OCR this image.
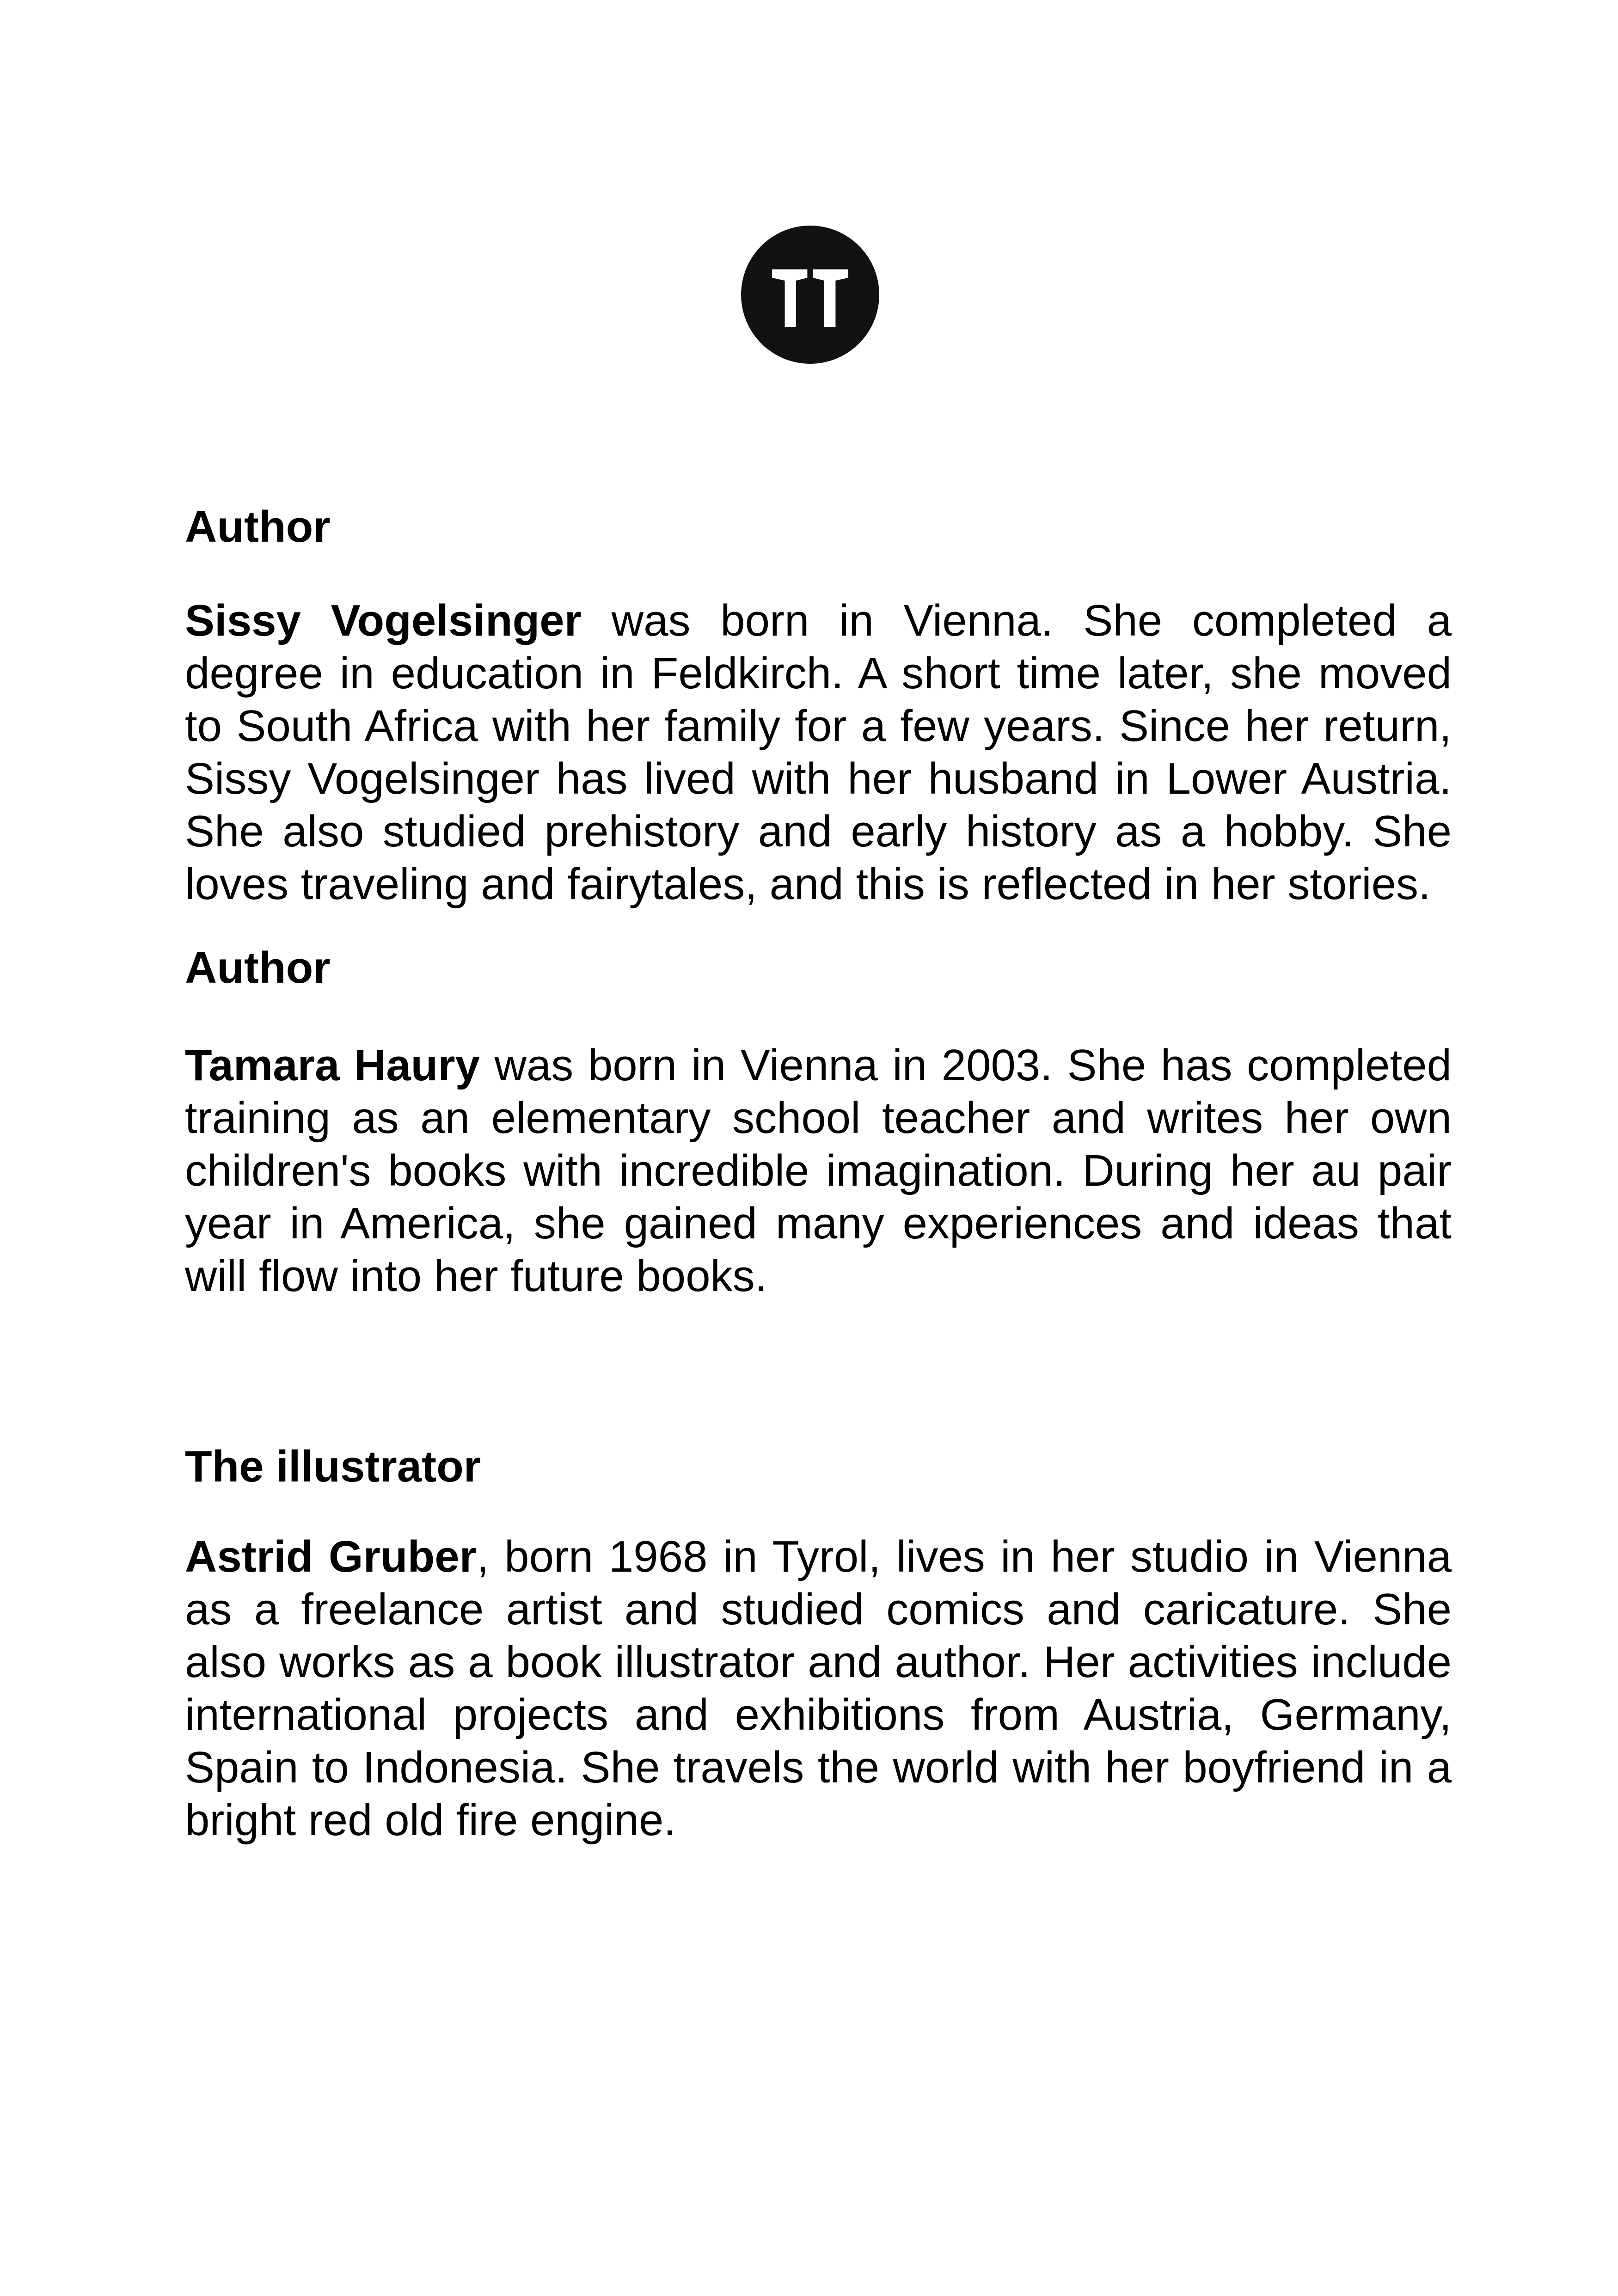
Author

Sissy Vogelsinger was born in Vienna. She completed a degree in education in Feldkirch. A short time later, she moved to South Africa with her family for a few years. Since her return, Sissy Vogelsinger has lived with her husband in Lower Austria. She also studied prehistory and early history as a hobby. She loves traveling and fairytales, and this is reflected in her stories.

Author

Tamara Haury was born in Vienna in 2003. She has completed training as an elementary school teacher and writes her own children's books with incredible imagination. During her au pair year in America, she gained many experiences and ideas that will flow into her future books.

The illustrator

Astrid Gruber, born 1968 in Tyrol, lives in her studio in Vienna as a freelance artist and studied comics and caricature. She also works as a book illustrator and author. Her activities include international projects and exhibitions from Austria, Germany, Spain to Indonesia. She travels the world with her boyfriend in a bright red old fire engine.
